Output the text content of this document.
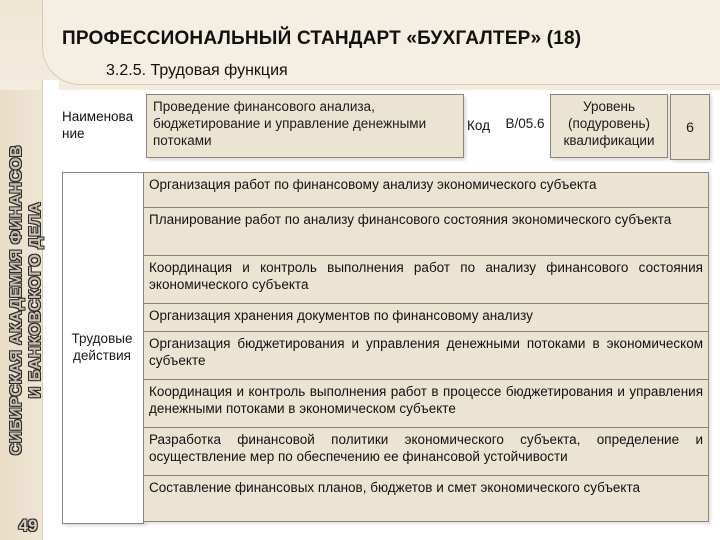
ПРОФЕССИОНАЛЬНЫЙ СТАНДАРТ «БУХГАЛТЕР» (18)
3.2.5. Трудовая функция
СИБИРСКАЯ АКАДЕМИЯ ФИНАНСОВ И БАНКОВСКОГО ДЕЛА
49
Наименова ние
Проведение финансового анализа, бюджетирование и управление денежными потоками
Код	В/05.6
Уровень (подуровень) квалификации
6
Трудовые действия
Организация работ по финансовому анализу экономического субъекта
Планирование работ по анализу финансового состояния экономического субъекта
Координация и контроль выполнения работ по анализу финансового состояния экономического субъекта
Организация хранения документов по финансовому анализу
Организация бюджетирования и управления денежными потоками в экономическом субъекте
Координация и контроль выполнения работ в процессе бюджетирования и управления денежными потоками в экономическом субъекте
Разработка финансовой политики экономического субъекта, определение и осуществление мер по обеспечению ее финансовой устойчивости
Составление финансовых планов, бюджетов и смет экономического субъекта
